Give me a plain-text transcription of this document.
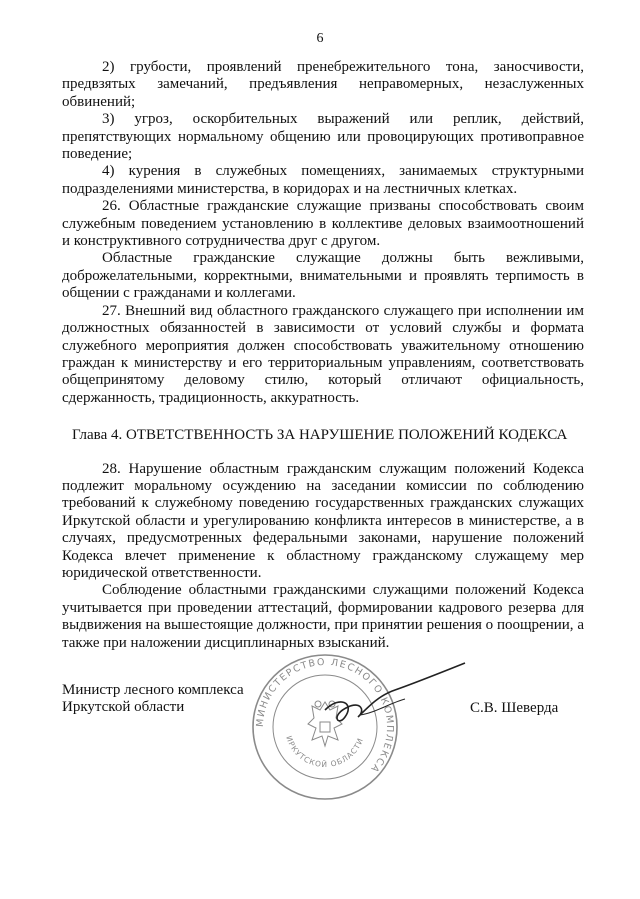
6

2) грубости, проявлений пренебрежительного тона, заносчивости, предвзятых замечаний, предъявления неправомерных, незаслуженных обвинений;

3) угроз, оскорбительных выражений или реплик, действий, препятствующих нормальному общению или провоцирующих противоправное поведение;

4) курения в служебных помещениях, занимаемых структурными подразделениями министерства, в коридорах и на лестничных клетках.

26. Областные гражданские служащие призваны способствовать своим служебным поведением установлению в коллективе деловых взаимоотношений и конструктивного сотрудничества друг с другом.

Областные гражданские служащие должны быть вежливыми, доброжелательными, корректными, внимательными и проявлять терпимость в общении с гражданами и коллегами.

27. Внешний вид областного гражданского служащего при исполнении им должностных обязанностей в зависимости от условий службы и формата служебного мероприятия должен способствовать уважительному отношению граждан к министерству и его территориальным управлениям, соответствовать общепринятому деловому стилю, который отличают официальность, сдержанность, традиционность, аккуратность.

Глава 4. ОТВЕТСТВЕННОСТЬ ЗА НАРУШЕНИЕ ПОЛОЖЕНИЙ КОДЕКСА

28. Нарушение областным гражданским служащим положений Кодекса подлежит моральному осуждению на заседании комиссии по соблюдению требований к служебному поведению государственных гражданских служащих Иркутской области и урегулированию конфликта интересов в министерстве, а в случаях, предусмотренных федеральными законами, нарушение положений Кодекса влечет применение к областному гражданскому служащему мер юридической ответственности.

Соблюдение областными гражданскими служащими положений Кодекса учитывается при проведении аттестаций, формировании кадрового резерва для выдвижения на вышестоящие должности, при принятии решения о поощрении, а также при наложении дисциплинарных взысканий.

МИНИСТЕРСТВО ЛЕСНОГО КОМПЛЕКСА
ИРКУТСКОЙ ОБЛАСТИ
Министр лесного комплекса
Иркутской области	С.В. Шеверда
